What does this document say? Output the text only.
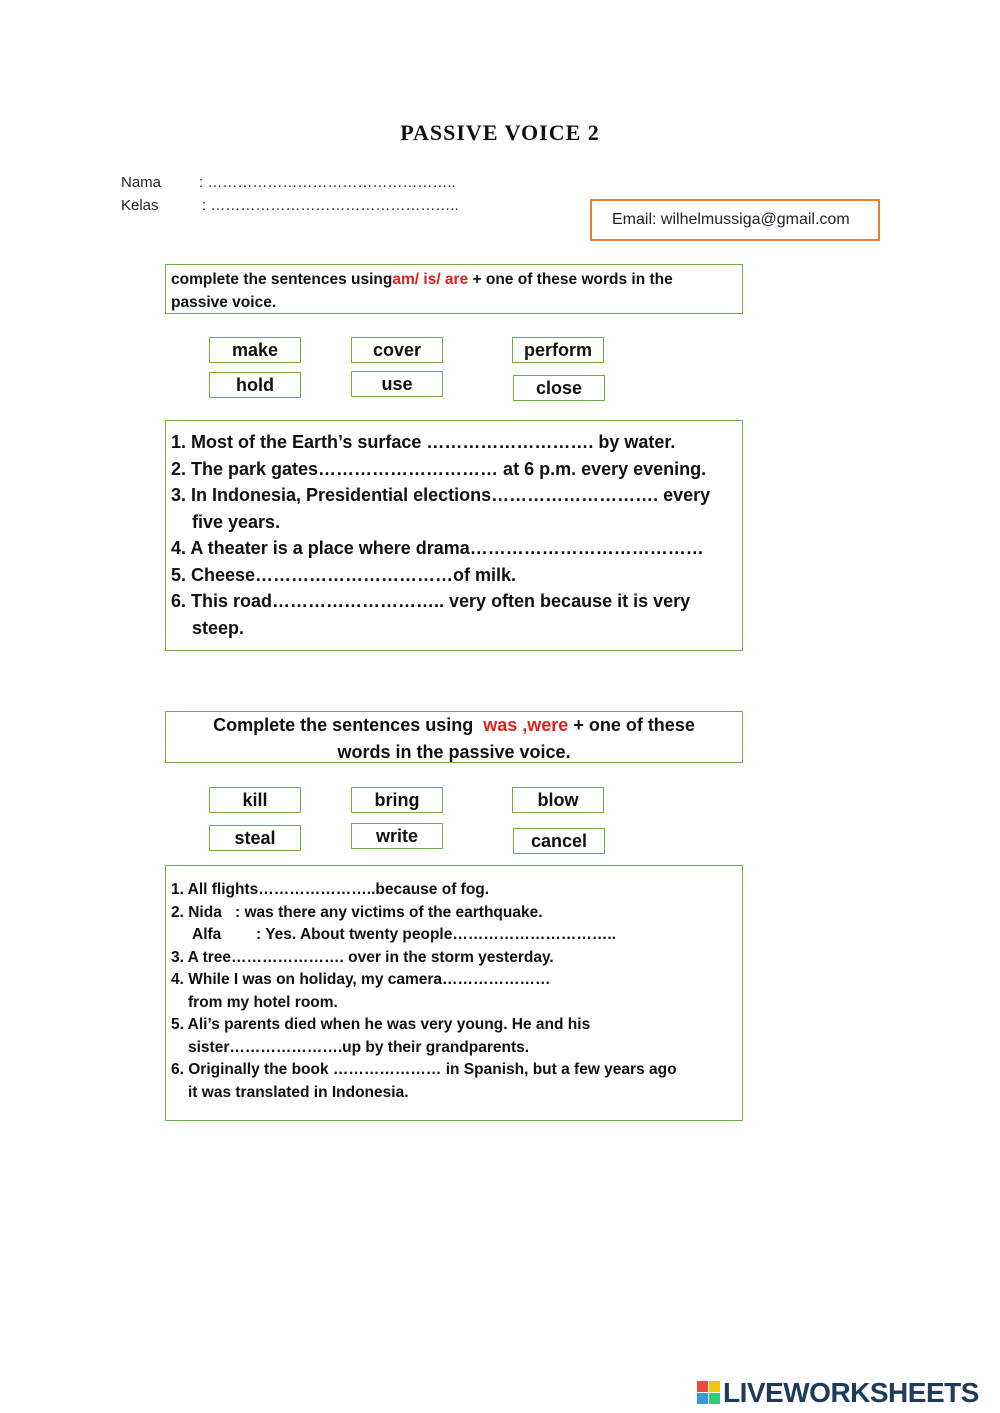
PASSIVE VOICE 2
Nama	: …………………………………………..
Kelas	: …………………………………………..
Email: wilhelmussiga@gmail.com
complete the sentences usingam/ is/ are + one of these words in the
passive voice.
make	cover	perform
hold	use	close
1. Most of the Earth’s surface ………………………. by water.
2. The park gates………………………… at 6 p.m. every evening.
3. In Indonesia, Presidential elections………………………. every
five years.
4. A theater is a place where drama…………………………………
5. Cheese……………………………of milk.
6. This road……………………….. very often because it is very
steep.
Complete the sentences using was ,were + one of these
words in the passive voice.
kill	bring	blow
steal	write	cancel
1. All flights…………………..because of fog.
2. Nida : was there any victims of the earthquake.
Alfa : Yes. About twenty people…………………………..
3. A tree…………………. over in the storm yesterday.
4. While I was on holiday, my camera…………………
from my hotel room.
5. Ali’s parents died when he was very young. He and his
sister………………….up by their grandparents.
6. Originally the book ………………… in Spanish, but a few years ago
it was translated in Indonesia.
LIVEWORKSHEETS
